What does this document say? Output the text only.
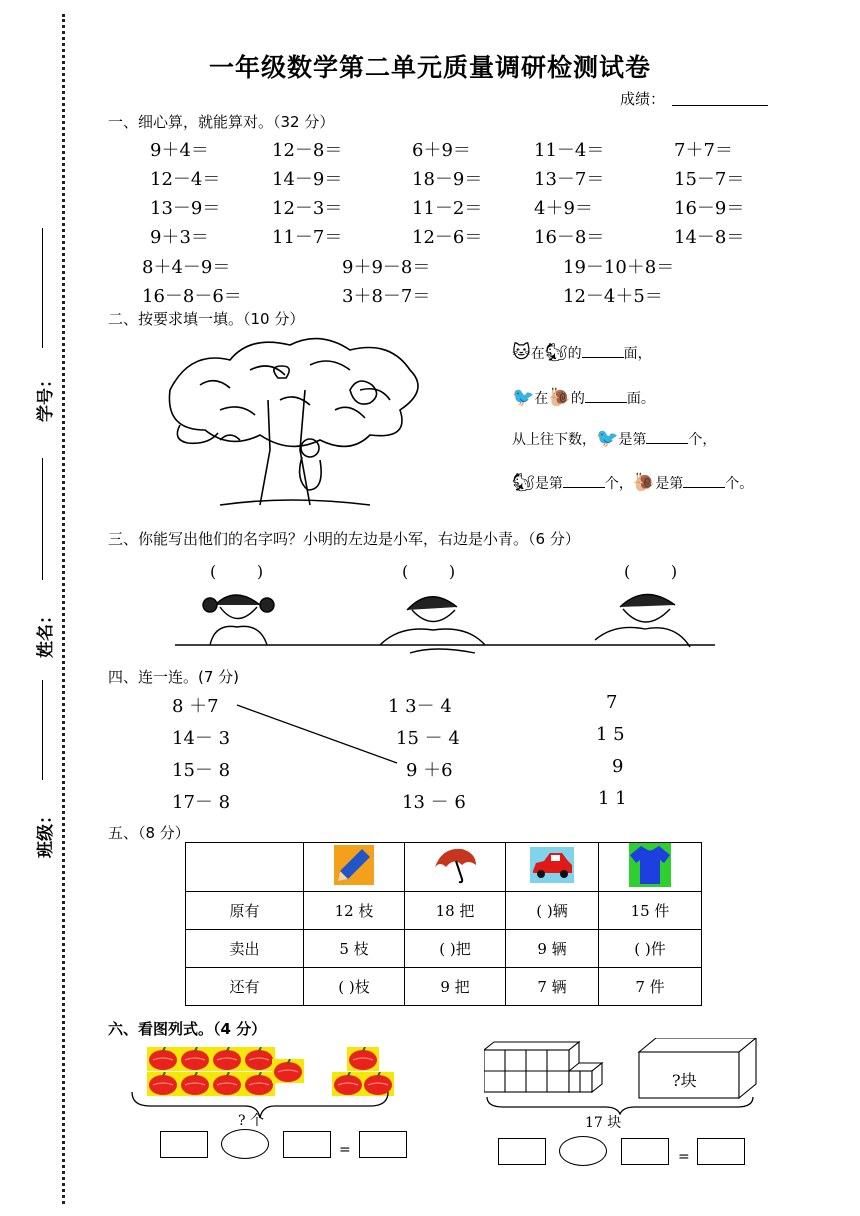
学号：
姓名：
班级：
一年级数学第二单元质量调研检测试卷
成绩：
一、细心算，就能算对。（32 分）
9＋4＝	12－8＝	6＋9＝	11－4＝	7＋7＝
12－4＝	14－9＝	18－9＝	13－7＝	15－7＝
13－9＝	12－3＝	11－2＝	4＋9＝	16－9＝
9＋3＝	11－7＝	12－6＝	16－8＝	14－8＝
8＋4－9＝	9＋9－8＝	19－10＋8＝
16－8－6＝	3＋8－7＝	12－4＋5＝
二、按要求填一填。（10 分）
🐱在🐿的	面，
🐦在🐌的	面。
从上往下数，🐦是第	个，
🐿是第	个，🐌是第	个。
三、你能写出他们的名字吗？小明的左边是小军，右边是小青。（6 分）
(        )	(        )	(        )
四、连一连。(7 分)
8 ＋7
14－ 3
15－ 8
17－ 8
1 3－ 4
15 － 4
9 ＋6
13 － 6
7
1 5
9
1 1
五、（8 分）

原有	12 枝	18 把	( )辆	15 件
卖出	5 枝	( )把	9 辆	( )件
还有	( )枝	9 把	7 辆	7 件
六、看图列式。（4 分）
? 个
=
?块
17 块
=
